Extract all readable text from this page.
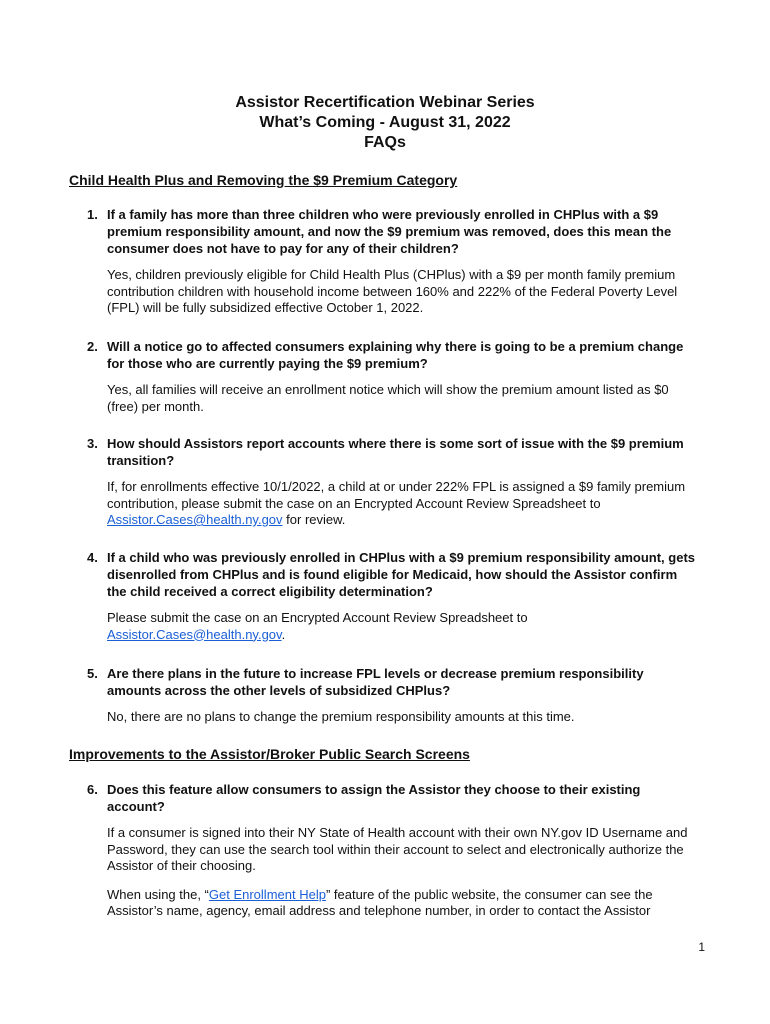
Assistor Recertification Webinar Series
What’s Coming - August 31, 2022
FAQs
Child Health Plus and Removing the $9 Premium Category
1. If a family has more than three children who were previously enrolled in CHPlus with a $9 premium responsibility amount, and now the $9 premium was removed, does this mean the consumer does not have to pay for any of their children?
Yes, children previously eligible for Child Health Plus (CHPlus) with a $9 per month family premium contribution children with household income between 160% and 222% of the Federal Poverty Level (FPL) will be fully subsidized effective October 1, 2022.
2. Will a notice go to affected consumers explaining why there is going to be a premium change for those who are currently paying the $9 premium?
Yes, all families will receive an enrollment notice which will show the premium amount listed as $0 (free) per month.
3. How should Assistors report accounts where there is some sort of issue with the $9 premium transition?
If, for enrollments effective 10/1/2022, a child at or under 222% FPL is assigned a $9 family premium contribution, please submit the case on an Encrypted Account Review Spreadsheet to Assistor.Cases@health.ny.gov for review.
4. If a child who was previously enrolled in CHPlus with a $9 premium responsibility amount, gets disenrolled from CHPlus and is found eligible for Medicaid, how should the Assistor confirm the child received a correct eligibility determination?
Please submit the case on an Encrypted Account Review Spreadsheet to Assistor.Cases@health.ny.gov.
5. Are there plans in the future to increase FPL levels or decrease premium responsibility amounts across the other levels of subsidized CHPlus?
No, there are no plans to change the premium responsibility amounts at this time.
Improvements to the Assistor/Broker Public Search Screens
6. Does this feature allow consumers to assign the Assistor they choose to their existing account?
If a consumer is signed into their NY State of Health account with their own NY.gov ID Username and Password, they can use the search tool within their account to select and electronically authorize the Assistor of their choosing.
When using the, “Get Enrollment Help” feature of the public website, the consumer can see the Assistor’s name, agency, email address and telephone number, in order to contact the Assistor
1
